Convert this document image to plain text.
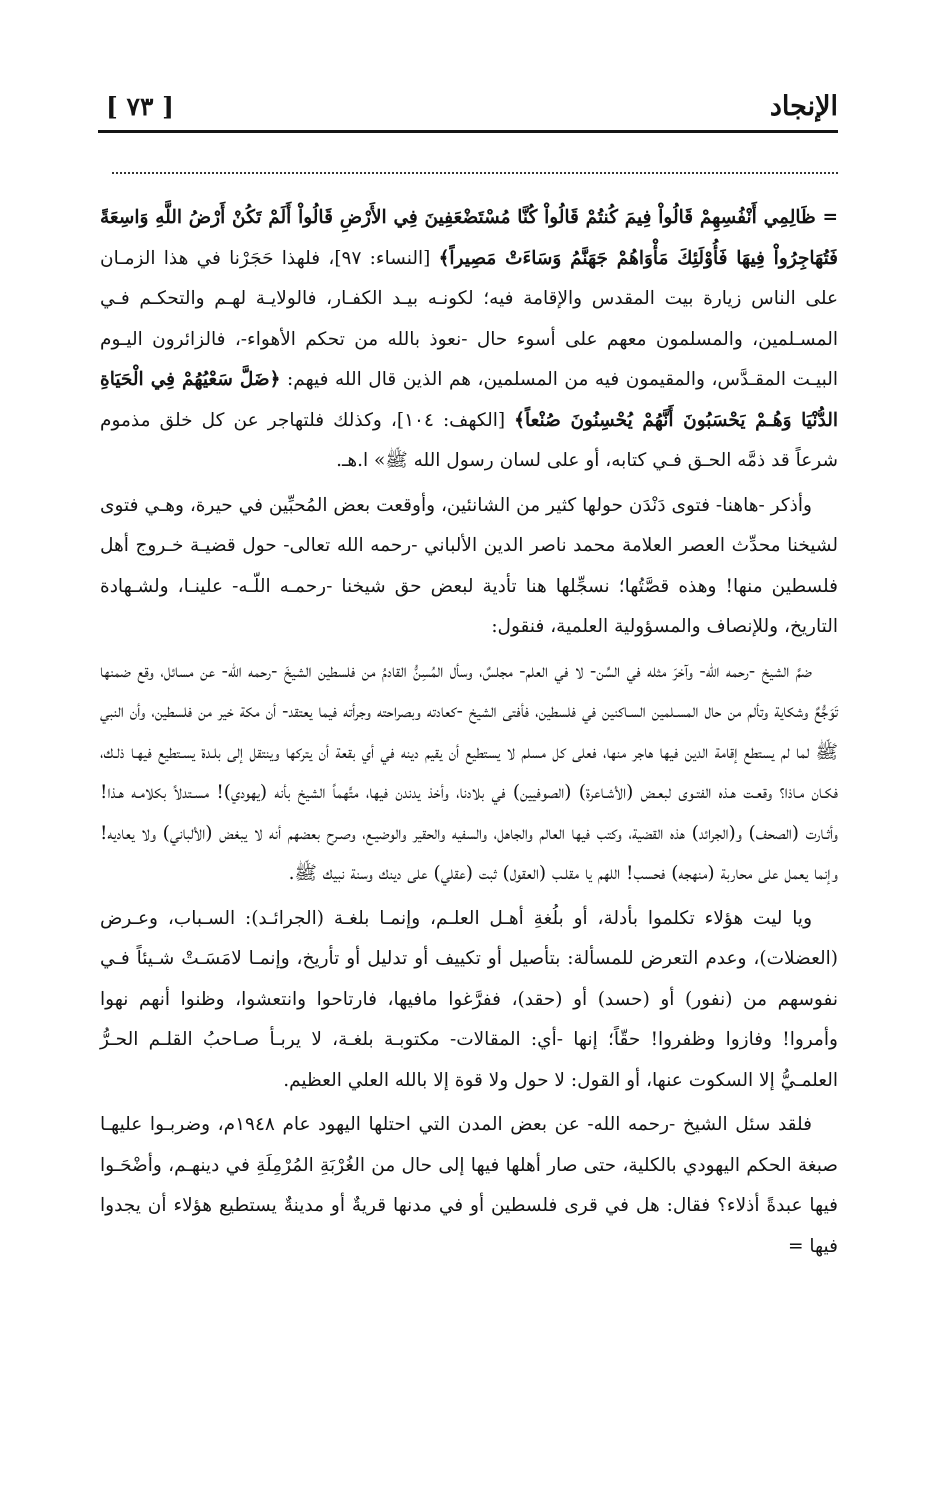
الإنجاد
[ ٧٣ ]

= ظَالِمِي أَنْفُسِهِمْ قَالُواْ فِيمَ كُنتُمْ قَالُواْ كُنَّا مُسْتَضْعَفِينَ فِي الأَرْضِ قَالُواْ أَلَمْ تَكُنْ أَرْضُ اللَّهِ وَاسِعَةً فَتُهَاجِرُواْ فِيهَا فَأُوْلَئِكَ مَأْوَاهُمْ جَهَنَّمُ وَسَاءَتْ مَصِيراً﴾ [النساء: ٩٧]، فلهذا حَجَرْنا في هذا الزمـان على الناس زيارة بيت المقدس والإقامة فيه؛ لكونـه بيـد الكفـار، فالولايـة لهـم والتحكـم فـي المسـلمين، والمسلمون معهم على أسوء حال -نعوذ بالله من تحكم الأهواء-، فالزائرون اليـوم البيـت المقـدَّس، والمقيمون فيه من المسلمين، هم الذين قال الله فيهم: ﴿ضَلَّ سَعْيُهُمْ فِي الْحَيَاةِ الدُّنْيَا وَهُـمْ يَحْسَبُونَ أَنَّهُمْ يُحْسِنُونَ صُنْعاً﴾ [الكهف: ١٠٤]، وكذلك فلتهاجر عن كل خلق مذموم شرعاً قد ذمَّه الحـق فـي كتابه، أو على لسان رسول الله ﷺ» ا.هـ.

وأذكر -هاهنا- فتوى دَنْدَن حولها كثير من الشانئين، وأوقعت بعض المُحبِّين في حيرة، وهـي فتوى لشيخنا محدِّث العصر العلامة محمد ناصر الدين الألباني -رحمه الله تعالى- حول قضيـة خـروج أهل فلسطين منها! وهذه قصَّتُها؛ نسجِّلها هنا تأدية لبعض حق شيخنا -رحمـه اللّـه- علينـا، ولشـهادة التاريخ، وللإنصاف والمسؤولية العلمية، فنقول:

ضمَّ الشيخ -رحمه الله- وآخرَ مثله في السِّن- لا في العلم- مجلسٌ، وسأل المُسِنُّ القادمُ من فلسطين الشيخَ -رحمه الله- عن مسائل، وقع ضمنها تَوَجُّعٌ وشكاية وتألم من حال المسـلمين السـاكنين في فلسطين، فأفتى الشيخ -كعادته وبصراحته وجرأته فيما يعتقد- أن مكة خير من فلسطين، وأن النبي ﷺ لما لم يستطع إقامة الدين فيها هاجر منها، فعلى كل مسلم لا يستطيع أن يقيم دينه في أي بقعة أن يتركها وينتقل إلى بلـدة يسـتطيع فيهـا ذلـك، فكـان مـاذا؟ وقعـت هـذه الفتـوى لبعـض (الأشـاعرة) (الصوفيين) في بلادنا، وأخذ يدندن فيها، متَّهماً الشيخ بأنه (يهودي)! مسـتدلاً بكلامـه هـذا! وأثـارت (الصحف) و(الجرائد) هذه القضية، وكتب فيها العالم والجاهل، والسفيه والحقير والوضيـع، وصـرح بعضهم أنه لا يبغض (الألباني) ولا يعاديه! وإنما يعمل على محاربة (منهجه) فحسب! اللهم يا مقلـب (العقول) ثبت (عقلي) على دينك وسنة نبيك ﷺ.

ويا ليت هؤلاء تكلموا بأدلة، أو بلُغةِ أهـل العلـم، وإنمـا بلغـة (الجرائـد): السـباب، وعـرض (العضلات)، وعدم التعرض للمسألة: بتأصيل أو تكييف أو تدليل أو تأريخ، وإنمـا لامَسَـتْ شـيئاً فـي نفوسهم من (نفور) أو (حسد) أو (حقد)، ففرَّغوا مافيها، فارتاحوا وانتعشوا، وظنوا أنهم نهوا وأمروا! وفازوا وظفروا! حقّاً؛ إنها -أي: المقالات- مكتوبـة بلغـة، لا يربـأ صـاحبُ القلـم الحـرُّ العلمـيُّ إلا السكوت عنها، أو القول: لا حول ولا قوة إلا بالله العلي العظيم.

فلقد سئل الشيخ -رحمه الله- عن بعض المدن التي احتلها اليهود عام ١٩٤٨م، وضربـوا عليهـا صبغة الحكم اليهودي بالكلية، حتى صار أهلها فيها إلى حال من الغُرْبَةِ المُرْمِلَةِ في دينهـم، وأضْحَـوا فيها عبدةً أذلاء؟ فقال: هل في قرى فلسطين أو في مدنها قريةٌ أو مدينةٌ يستطيع هؤلاء أن يجدوا فيها =
